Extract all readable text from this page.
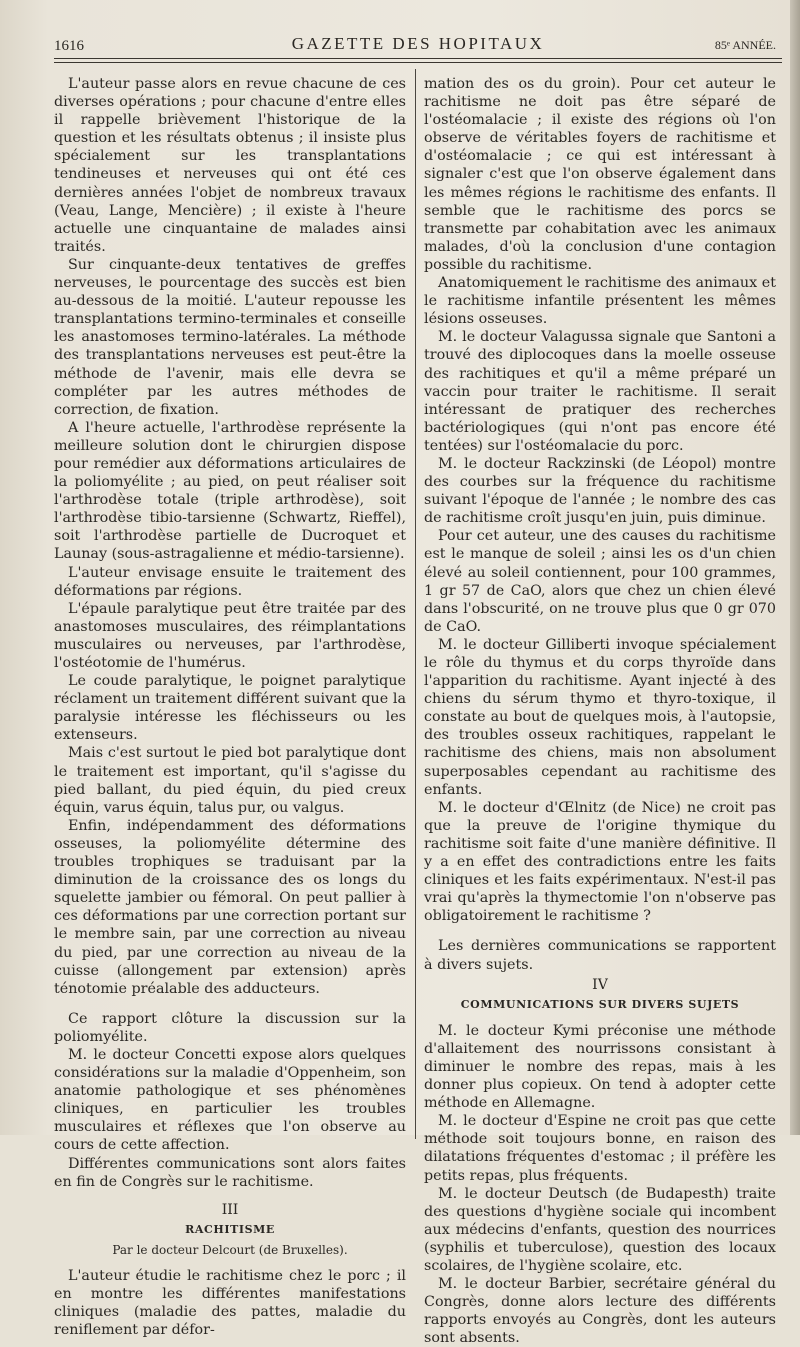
1616	GAZETTE DES HOPITAUX	85ᵉ ANNÉE.

L'auteur passe alors en revue chacune de ces diverses opérations ; pour chacune d'entre elles il rappelle brièvement l'historique de la question et les résultats obtenus ; il insiste plus spécialement sur les transplantations tendineuses et nerveuses qui ont été ces dernières années l'objet de nombreux travaux (Veau, Lange, Mencière) ; il existe à l'heure actuelle une cinquantaine de malades ainsi traités.

Sur cinquante-deux tentatives de greffes nerveuses, le pourcentage des succès est bien au-dessous de la moitié. L'auteur repousse les transplantations termino-terminales et conseille les anastomoses termino-latérales. La méthode des transplantations nerveuses est peut-être la méthode de l'avenir, mais elle devra se compléter par les autres méthodes de correction, de fixation.

A l'heure actuelle, l'arthrodèse représente la meilleure solution dont le chirurgien dispose pour remédier aux déformations articulaires de la poliomyélite ; au pied, on peut réaliser soit l'arthrodèse totale (triple arthrodèse), soit l'arthrodèse tibio-tarsienne (Schwartz, Rieffel), soit l'arthrodèse partielle de Ducroquet et Launay (sous-astragalienne et médio-tarsienne).

L'auteur envisage ensuite le traitement des déformations par régions.

L'épaule paralytique peut être traitée par des anastomoses musculaires, des réimplantations musculaires ou nerveuses, par l'arthrodèse, l'ostéotomie de l'humérus.

Le coude paralytique, le poignet paralytique réclament un traitement différent suivant que la paralysie intéresse les fléchisseurs ou les extenseurs.

Mais c'est surtout le pied bot paralytique dont le traitement est important, qu'il s'agisse du pied ballant, du pied équin, du pied creux équin, varus équin, talus pur, ou valgus.

Enfin, indépendamment des déformations osseuses, la poliomyélite détermine des troubles trophiques se traduisant par la diminution de la croissance des os longs du squelette jambier ou fémoral. On peut pallier à ces déformations par une correction portant sur le membre sain, par une correction au niveau du pied, par une correction au niveau de la cuisse (allongement par extension) après ténotomie préalable des adducteurs.

Ce rapport clôture la discussion sur la poliomyélite.

M. le docteur Concetti expose alors quelques considérations sur la maladie d'Oppenheim, son anatomie pathologique et ses phénomènes cliniques, en particulier les troubles musculaires et réflexes que l'on observe au cours de cette affection.

Différentes communications sont alors faites en fin de Congrès sur le rachitisme.

III
RACHITISME
Par le docteur Delcourt (de Bruxelles).

L'auteur étudie le rachitisme chez le porc ; il en montre les différentes manifestations cliniques (maladie des pattes, maladie du reniflement par défor-

mation des os du groin). Pour cet auteur le rachitisme ne doit pas être séparé de l'ostéomalacie ; il existe des régions où l'on observe de véritables foyers de rachitisme et d'ostéomalacie ; ce qui est intéressant à signaler c'est que l'on observe également dans les mêmes régions le rachitisme des enfants. Il semble que le rachitisme des porcs se transmette par cohabitation avec les animaux malades, d'où la conclusion d'une contagion possible du rachitisme.

Anatomiquement le rachitisme des animaux et le rachitisme infantile présentent les mêmes lésions osseuses.

M. le docteur Valagussa signale que Santoni a trouvé des diplocoques dans la moelle osseuse des rachitiques et qu'il a même préparé un vaccin pour traiter le rachitisme. Il serait intéressant de pratiquer des recherches bactériologiques (qui n'ont pas encore été tentées) sur l'ostéomalacie du porc.

M. le docteur Rackzinski (de Léopol) montre des courbes sur la fréquence du rachitisme suivant l'époque de l'année ; le nombre des cas de rachitisme croît jusqu'en juin, puis diminue.

Pour cet auteur, une des causes du rachitisme est le manque de soleil ; ainsi les os d'un chien élevé au soleil contiennent, pour 100 grammes, 1 gr 57 de CaO, alors que chez un chien élevé dans l'obscurité, on ne trouve plus que 0 gr 070 de CaO.

M. le docteur Gilliberti invoque spécialement le rôle du thymus et du corps thyroïde dans l'apparition du rachitisme. Ayant injecté à des chiens du sérum thymo et thyro-toxique, il constate au bout de quelques mois, à l'autopsie, des troubles osseux rachitiques, rappelant le rachitisme des chiens, mais non absolument superposables cependant au rachitisme des enfants.

M. le docteur d'Œlnitz (de Nice) ne croit pas que la preuve de l'origine thymique du rachitisme soit faite d'une manière définitive. Il y a en effet des contradictions entre les faits cliniques et les faits expérimentaux. N'est-il pas vrai qu'après la thymectomie l'on n'observe pas obligatoirement le rachitisme ?

Les dernières communications se rapportent à divers sujets.

IV
COMMUNICATIONS SUR DIVERS SUJETS

M. le docteur Kymi préconise une méthode d'allaitement des nourrissons consistant à diminuer le nombre des repas, mais à les donner plus copieux. On tend à adopter cette méthode en Allemagne.

M. le docteur d'Espine ne croit pas que cette méthode soit toujours bonne, en raison des dilatations fréquentes d'estomac ; il préfère les petits repas, plus fréquents.

M. le docteur Deutsch (de Budapesth) traite des questions d'hygiène sociale qui incombent aux médecins d'enfants, question des nourrices (syphilis et tuberculose), question des locaux scolaires, de l'hygiène scolaire, etc.

M. le docteur Barbier, secrétaire général du Congrès, donne alors lecture des différents rapports envoyés au Congrès, dont les auteurs sont absents.
